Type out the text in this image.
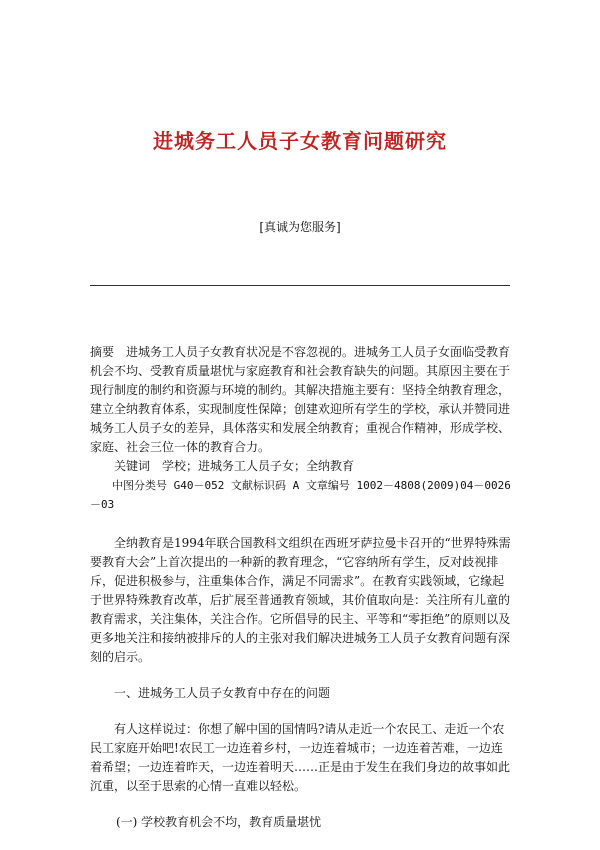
进城务工人员子女教育问题研究
[真诚为您服务]

摘要  进城务工人员子女教育状况是不容忽视的。进城务工人员子女面临受教育机会不均、受教育质量堪忧与家庭教育和社会教育缺失的问题。其原因主要在于现行制度的制约和资源与环境的制约。其解决措施主要有：坚持全纳教育理念，建立全纳教育体系，实现制度性保障；创建欢迎所有学生的学校，承认并赞同进城务工人员子女的差异，具体落实和发展全纳教育；重视合作精神，形成学校、家庭、社会三位一体的教育合力。

关键词  学校；进城务工人员子女；全纳教育

中图分类号 G40－052 文献标识码 A 文章编号 1002－4808(2009)04－0026－03

全纳教育是1994年联合国教科文组织在西班牙萨拉曼卡召开的“世界特殊需要教育大会”上首次提出的一种新的教育理念，“它容纳所有学生，反对歧视排斥，促进积极参与，注重集体合作，满足不同需求”。在教育实践领域，它缘起于世界特殊教育改革，后扩展至普通教育领域，其价值取向是：关注所有儿童的教育需求，关注集体，关注合作。它所倡导的民主、平等和“零拒绝”的原则以及更多地关注和接纳被排斥的人的主张对我们解决进城务工人员子女教育问题有深刻的启示。

一、进城务工人员子女教育中存在的问题

有人这样说过：你想了解中国的国情吗?请从走近一个农民工、走近一个农民工家庭开始吧!农民工一边连着乡村，一边连着城市；一边连着苦难，一边连着希望；一边连着昨天，一边连着明天……正是由于发生在我们身边的故事如此沉重，以至于思索的心情一直难以轻松。

(一) 学校教育机会不均，教育质量堪忧
